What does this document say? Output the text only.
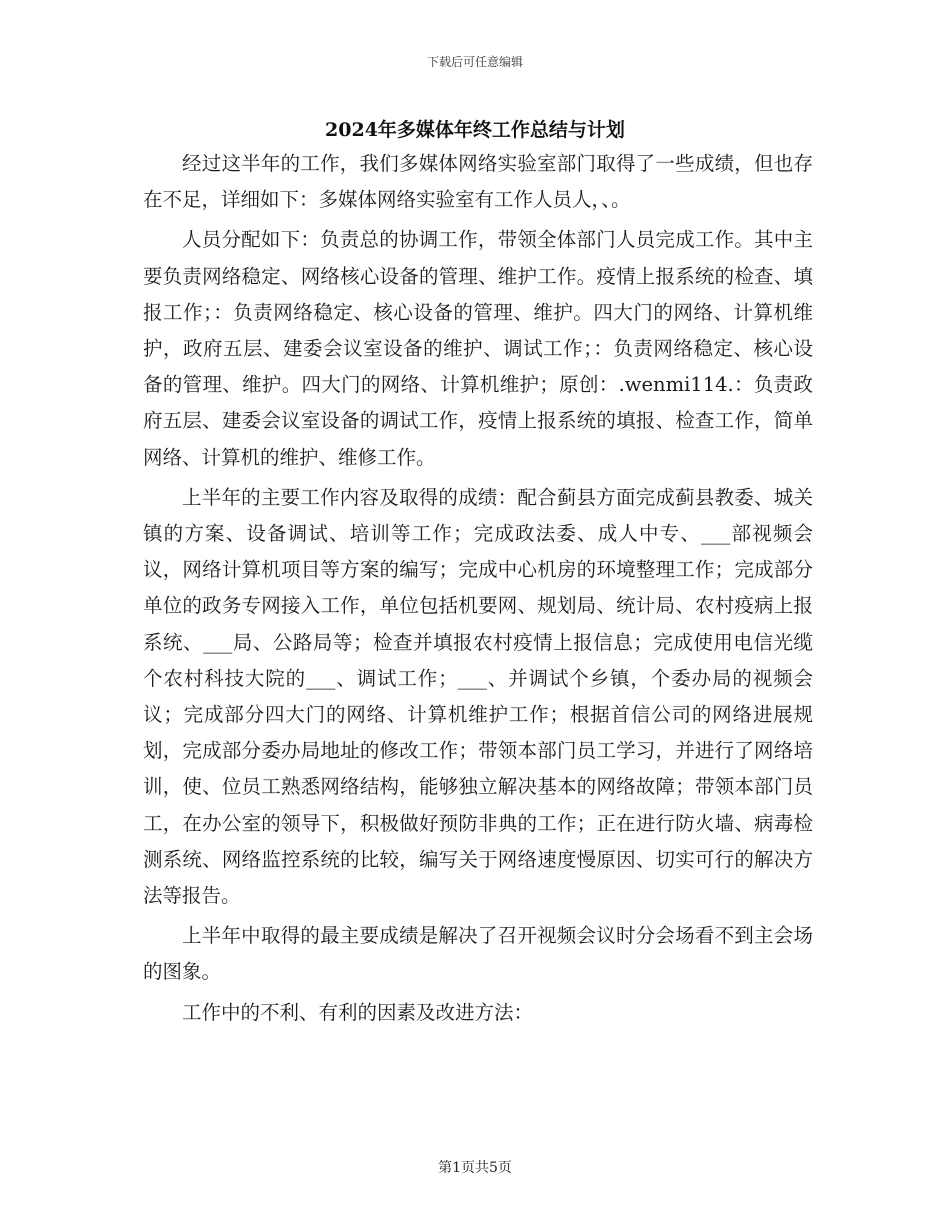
下载后可任意编辑
2024年多媒体年终工作总结与计划

经过这半年的工作，我们多媒体网络实验室部门取得了一些成绩，但也存在不足，详细如下：多媒体网络实验室有工作人员人，、。

人员分配如下：负责总的协调工作，带领全体部门人员完成工作。其中主要负责网络稳定、网络核心设备的管理、维护工作。疫情上报系统的检查、填报工作；：负责网络稳定、核心设备的管理、维护。四大门的网络、计算机维护，政府五层、建委会议室设备的维护、调试工作；：负责网络稳定、核心设备的管理、维护。四大门的网络、计算机维护；原创：.wenmi114.：负责政府五层、建委会议室设备的调试工作，疫情上报系统的填报、检查工作，简单网络、计算机的维护、维修工作。

上半年的主要工作内容及取得的成绩：配合蓟县方面完成蓟县教委、城关镇的方案、设备调试、培训等工作；完成政法委、成人中专、___部视频会议，网络计算机项目等方案的编写；完成中心机房的环境整理工作；完成部分单位的政务专网接入工作，单位包括机要网、规划局、统计局、农村疫病上报系统、___局、公路局等；检查并填报农村疫情上报信息；完成使用电信光缆个农村科技大院的___、调试工作；___、并调试个乡镇，个委办局的视频会议；完成部分四大门的网络、计算机维护工作；根据首信公司的网络进展规划，完成部分委办局地址的修改工作；带领本部门员工学习，并进行了网络培训，使、位员工熟悉网络结构，能够独立解决基本的网络故障；带领本部门员工，在办公室的领导下，积极做好预防非典的工作；正在进行防火墙、病毒检测系统、网络监控系统的比较，编写关于网络速度慢原因、切实可行的解决方法等报告。

上半年中取得的最主要成绩是解决了召开视频会议时分会场看不到主会场的图象。

工作中的不利、有利的因素及改进方法：

第1页共5页
